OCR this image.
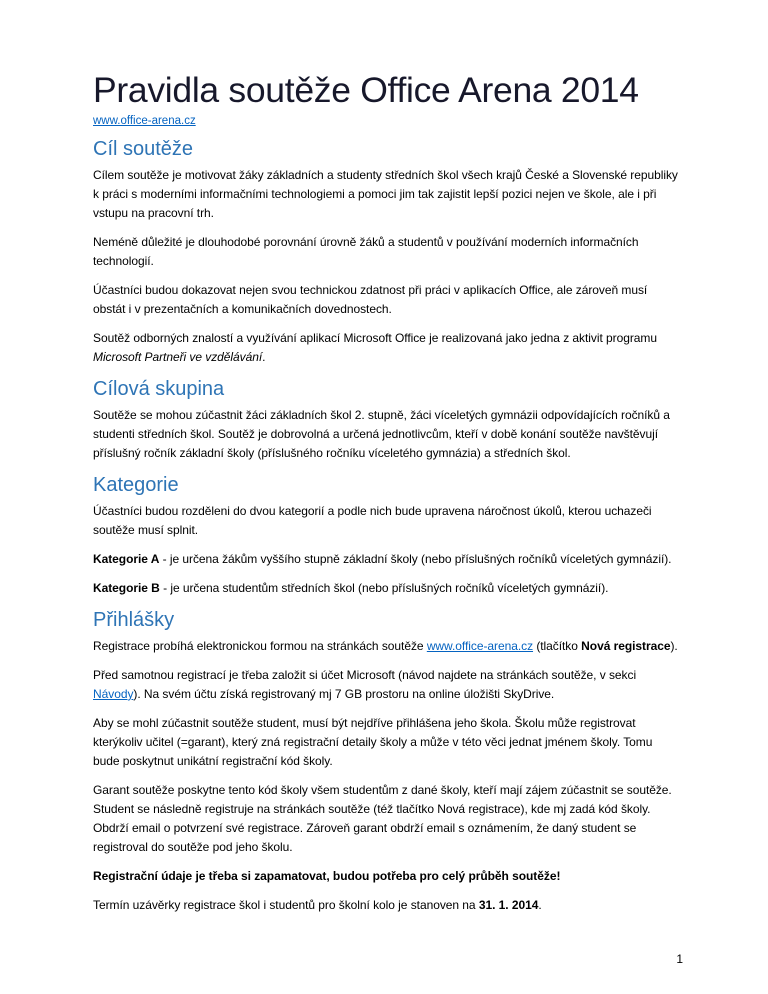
Pravidla soutěže Office Arena 2014
www.office-arena.cz
Cíl soutěže

Cílem soutěže je motivovat žáky základních a studenty středních škol všech krajů České a Slovenské republiky k práci s moderními informačními technologiemi a pomoci jim tak zajistit lepší pozici nejen ve škole, ale i při vstupu na pracovní trh.

Neméně důležité je dlouhodobé porovnání úrovně žáků a studentů v používání moderních informačních technologií.

Účastníci budou dokazovat nejen svou technickou zdatnost při práci v aplikacích Office, ale zároveň musí obstát i v prezentačních a komunikačních dovednostech.

Soutěž odborných znalostí a využívání aplikací Microsoft Office je realizovaná jako jedna z aktivit programu Microsoft Partneři ve vzdělávání.

Cílová skupina

Soutěže se mohou zúčastnit žáci základních škol 2. stupně, žáci víceletých gymnázii odpovídajících ročníků a studenti středních škol. Soutěž je dobrovolná a určená jednotlivcům, kteří v době konání soutěže navštěvují příslušný ročník základní školy (příslušného ročníku víceletého gymnázia) a středních škol.

Kategorie

Účastníci budou rozděleni do dvou kategorií a podle nich bude upravena náročnost úkolů, kterou uchazeči soutěže musí splnit.

Kategorie A - je určena žákům vyššího stupně základní školy (nebo příslušných ročníků víceletých gymnázií).

Kategorie B - je určena studentům středních škol (nebo příslušných ročníků víceletých gymnázií).

Přihlášky

Registrace probíhá elektronickou formou na stránkách soutěže www.office-arena.cz (tlačítko Nová registrace).

Před samotnou registrací je třeba založit si účet Microsoft (návod najdete na stránkách soutěže, v sekci Návody). Na svém účtu získá registrovaný mj 7 GB prostoru na online úložišti SkyDrive.

Aby se mohl zúčastnit soutěže student, musí být nejdříve přihlášena jeho škola. Školu může registrovat kterýkoliv učitel (=garant), který zná registrační detaily školy a může v této věci jednat jménem školy. Tomu bude poskytnut unikátní registrační kód školy.

Garant soutěže poskytne tento kód školy všem studentům z dané školy, kteří mají zájem zúčastnit se soutěže. Student se následně registruje na stránkách soutěže (též tlačítko Nová registrace), kde mj zadá kód školy. Obdrží email o potvrzení své registrace. Zároveň garant obdrží email s oznámením, že daný student se registroval do soutěže pod jeho školu.

Registrační údaje je třeba si zapamatovat, budou potřeba pro celý průběh soutěže!

Termín uzávěrky registrace škol i studentů pro školní kolo je stanoven na 31. 1. 2014.

1
